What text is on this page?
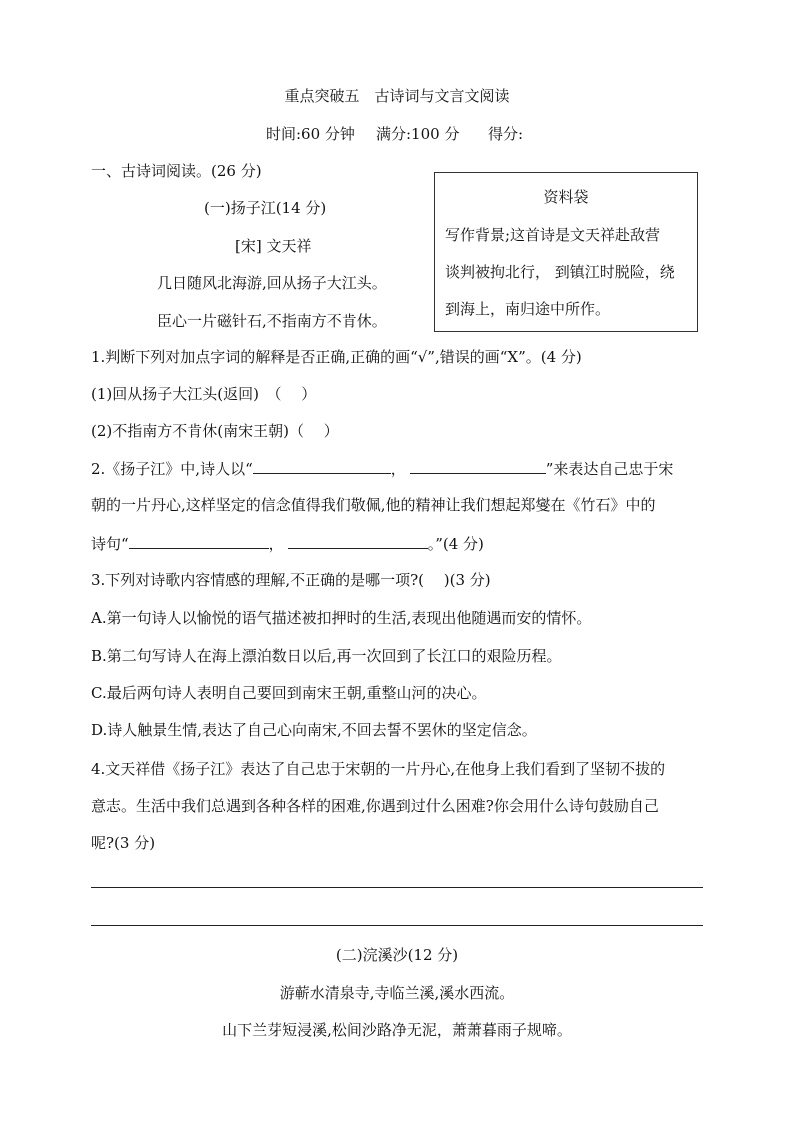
重点突破五　古诗词与文言文阅读
时间:60 分钟 满分:100 分 得分:
一、古诗词阅读。(26 分)
(一)扬子江(14 分)
[宋] 文天祥
几日随风北海游,回从扬子大江头。
臣心一片磁针石,不指南方不肯休。
资料袋
写作背景;这首诗是文天祥赴敌营
谈判被拘北行， 到镇江时脱险，绕
到海上，南归途中所作。
1.判断下列对加点字词的解释是否正确,正确的画“√”,错误的画“X”。(4 分)
(1)回从扬子大江头(返回)　（　 ）
(2)不指南方不肯休(南宋王朝)（　 ）
2.《扬子江》中,诗人以“	，	”来表达自己忠于宋
朝的一片丹心,这样坚定的信念值得我们敬佩,他的精神让我们想起郑燮在《竹石》中的
诗句“	，	。”(4 分)
3.下列对诗歌内容情感的理解,不正确的是哪一项?(　 )(3 分)
A.第一句诗人以愉悦的语气描述被扣押时的生活,表现出他随遇而安的情怀。
B.第二句写诗人在海上漂泊数日以后,再一次回到了长江口的艰险历程。
C.最后两句诗人表明自己要回到南宋王朝,重整山河的决心。
D.诗人触景生情,表达了自己心向南宋,不回去誓不罢休的坚定信念。
4.文天祥借《扬子江》表达了自己忠于宋朝的一片丹心,在他身上我们看到了坚韧不拔的
意志。生活中我们总遇到各种各样的困难,你遇到过什么困难?你会用什么诗句鼓励自己
呢?(3 分)
(二)浣溪沙(12 分)
游蕲水清泉寺,寺临兰溪,溪水西流。
山下兰芽短浸溪,松间沙路净无泥，萧萧暮雨子规啼。
